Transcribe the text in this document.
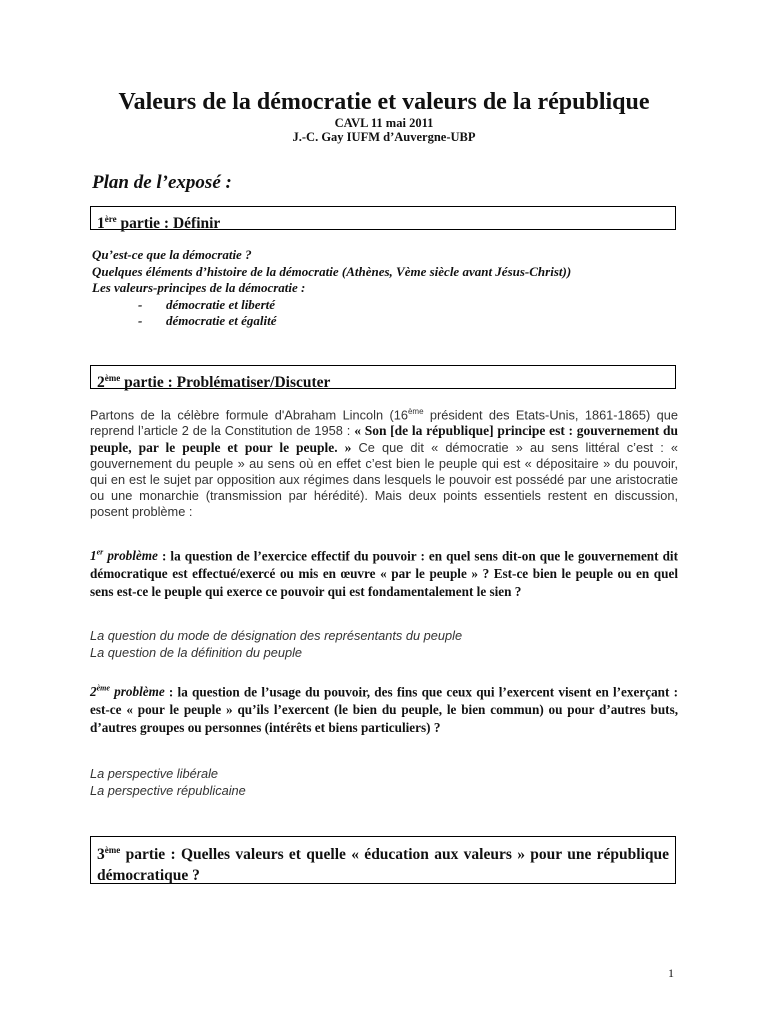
Valeurs de la démocratie et valeurs de la république
CAVL 11 mai 2011
J.-C. Gay IUFM d’Auvergne-UBP
Plan de l’exposé :
1ère partie : Définir
Qu’est-ce que la démocratie ?
Quelques éléments d’histoire de la démocratie (Athènes, Vème siècle avant Jésus-Christ))
Les valeurs-principes de la démocratie :
- démocratie et liberté
- démocratie et égalité
2ème partie : Problématiser/Discuter
Partons de la célèbre formule d'Abraham Lincoln (16ème président des Etats-Unis, 1861-1865) que reprend l’article 2 de la Constitution de 1958 : « Son [de la république] principe est : gouvernement du peuple, par le peuple et pour le peuple. » Ce que dit « démocratie » au sens littéral c’est : « gouvernement du peuple » au sens où en effet c’est bien le peuple qui est « dépositaire » du pouvoir, qui en est le sujet par opposition aux régimes dans lesquels le pouvoir est possédé par une aristocratie ou une monarchie (transmission par hérédité). Mais deux points essentiels restent en discussion, posent problème :
1er problème : la question de l’exercice effectif du pouvoir : en quel sens dit-on que le gouvernement dit démocratique est effectué/exercé ou mis en œuvre « par le peuple » ? Est-ce bien le peuple ou en quel sens est-ce le peuple qui exerce ce pouvoir qui est fondamentalement le sien ?
La question du mode de désignation des représentants du peuple
La question de la définition du peuple
2ème problème : la question de l’usage du pouvoir, des fins que ceux qui l’exercent visent en l’exerçant : est-ce « pour le peuple » qu’ils l’exercent (le bien du peuple, le bien commun) ou pour d’autres buts, d’autres groupes ou personnes (intérêts et biens particuliers) ?
La perspective libérale
La perspective républicaine
3ème partie : Quelles valeurs et quelle « éducation aux valeurs » pour une république démocratique ?
1
